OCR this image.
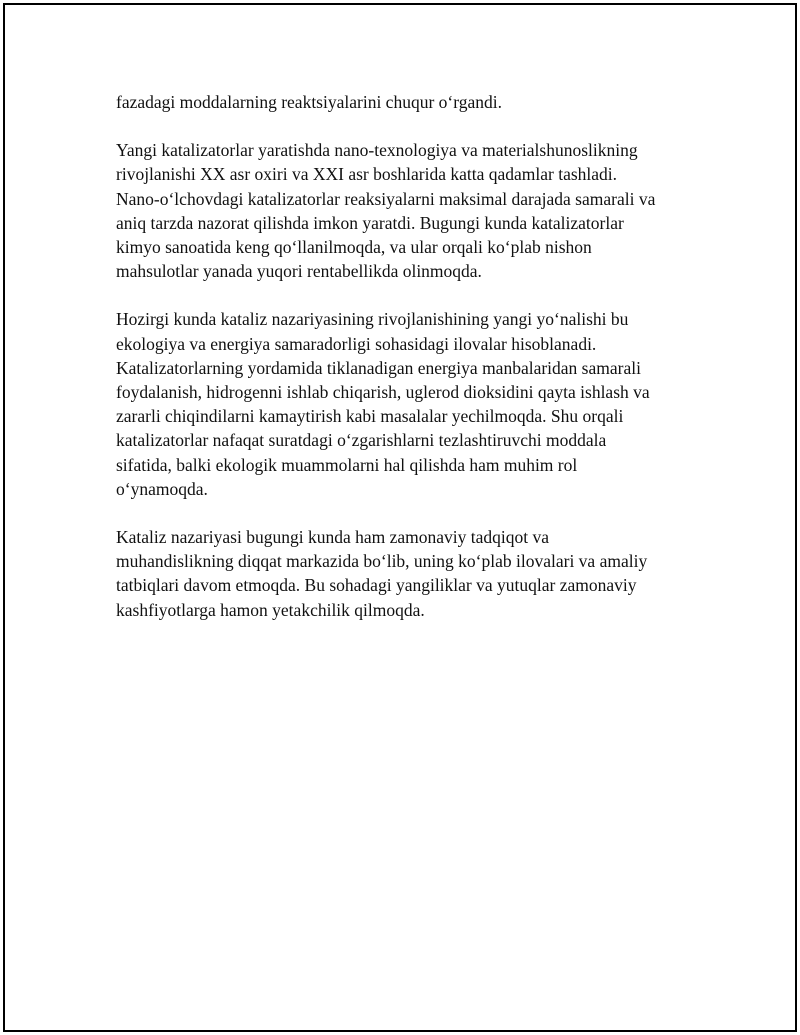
fazadagi moddalarning reaktsiyalarini chuqur o‘rgandi.

Yangi katalizatorlar yaratishda nano-texnologiya va materialshunoslikning
rivojlanishi XX asr oxiri va XXI asr boshlarida katta qadamlar tashladi.
Nano-o‘lchovdagi katalizatorlar reaksiyalarni maksimal darajada samarali va
aniq tarzda nazorat qilishda imkon yaratdi. Bugungi kunda katalizatorlar
kimyo sanoatida keng qo‘llanilmoqda, va ular orqali ko‘plab nishon
mahsulotlar yanada yuqori rentabellikda olinmoqda.

Hozirgi kunda kataliz nazariyasining rivojlanishining yangi yo‘nalishi bu
ekologiya va energiya samaradorligi sohasidagi ilovalar hisoblanadi.
Katalizatorlarning yordamida tiklanadigan energiya manbalaridan samarali
foydalanish, hidrogenni ishlab chiqarish, uglerod dioksidini qayta ishlash va
zararli chiqindilarni kamaytirish kabi masalalar yechilmoqda. Shu orqali
katalizatorlar nafaqat suratdagi o‘zgarishlarni tezlashtiruvchi moddala
sifatida, balki ekologik muammolarni hal qilishda ham muhim rol
o‘ynamoqda.

Kataliz nazariyasi bugungi kunda ham zamonaviy tadqiqot va
muhandislikning diqqat markazida bo‘lib, uning ko‘plab ilovalari va amaliy
tatbiqlari davom etmoqda. Bu sohadagi yangiliklar va yutuqlar zamonaviy
kashfiyotlarga hamon yetakchilik qilmoqda.
